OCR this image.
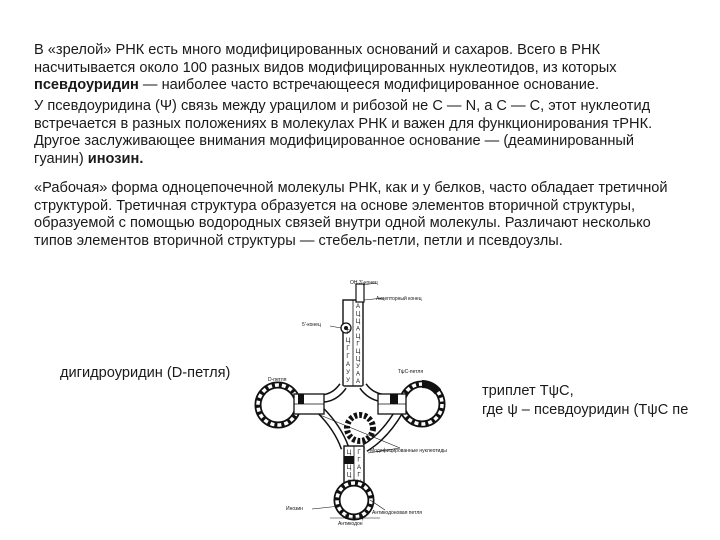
В «зрелой» РНК есть много модифицированных оснований и сахаров. Всего в РНК насчитывается около 100 разных видов модифицированных нуклеотидов, из которых псевдоуридин — наиболее часто встречающееся модифицированное основание.

У псевдоуридина (Ψ) связь между урацилом и рибозой не C — N, а C — C, этот нуклеотид встречается в разных положениях в молекулах РНК и важен для функционирования тРНК. Другое заслуживающее внимания модифицированное основание — (деаминированный гуанин) инозин.

«Рабочая» форма одноцепочечной молекулы РНК, как и у белков, часто обладает третичной структурой. Третичная структура образуется на основе элементов вторичной структуры, образуемой с помощью водородных связей внутри одной молекулы. Различают несколько типов элементов вторичной структуры — стебель-петли, петли и псевдоузлы.

дигидроуридин (D-петля)
триплет TψC,
где ψ – псевдоуридин (TψC пе
Г
Ц
Г
Г
А
У
У
А
Ц
Ц
А
Ц
Г
Ц
Ц
У
А
А
Ц
У
Ц
Ц
Г
Г
А
Г
И Г Ц
ОН 3'-конец
Акцепторный конец
5'-конец
D-петля
ТψС-петля
Модифицированные нуклеотиды
Антикодоновая петля
Инозин
Антикодон
